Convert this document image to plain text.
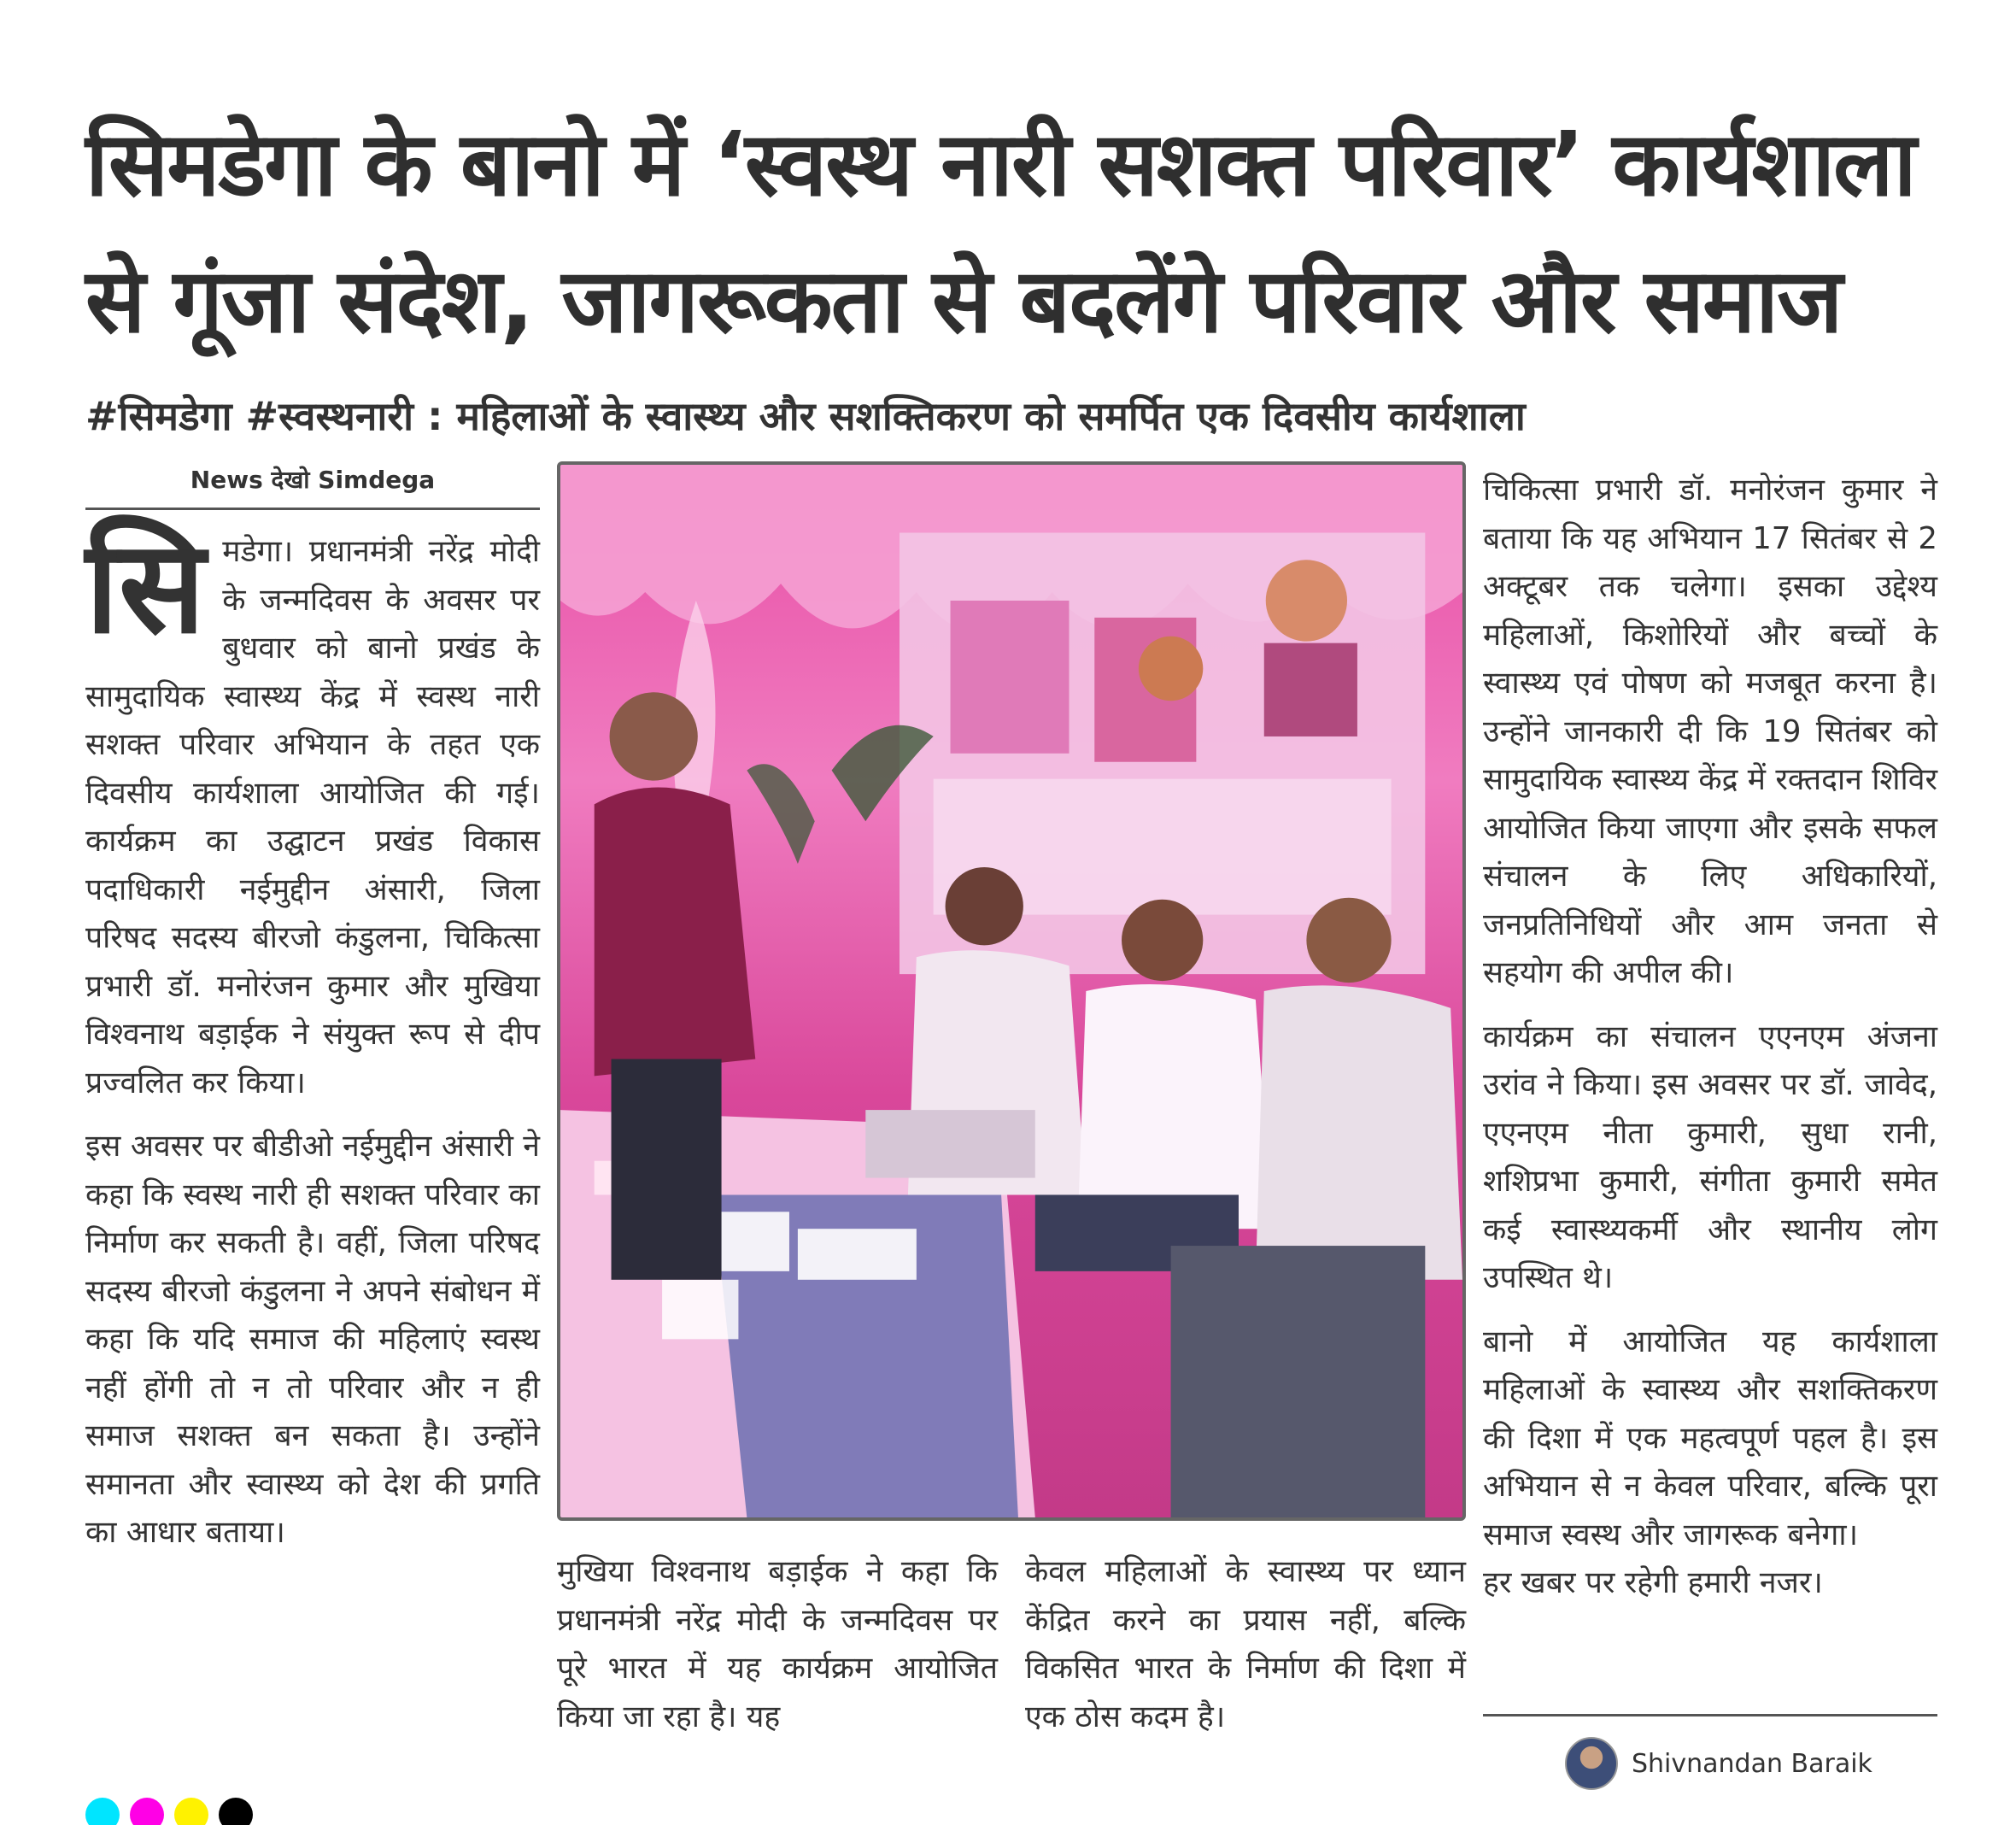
सिमडेगा के बानो में ‘स्वस्थ नारी सशक्त परिवार’ कार्यशाला
से गूंजा संदेश, जागरूकता से बदलेंगे परिवार और समाज
#सिमडेगा #स्वस्थनारी : महिलाओं के स्वास्थ्य और सशक्तिकरण को समर्पित एक दिवसीय कार्यशाला
News देखो Simdega

सि मडेगा। प्रधानमंत्री नरेंद्र मोदी के जन्मदिवस के अवसर पर बुधवार को बानो प्रखंड के सामुदायिक स्वास्थ्य केंद्र में स्वस्थ नारी सशक्त परिवार अभियान के तहत एक दिवसीय कार्यशाला आयोजित की गई। कार्यक्रम का उद्घाटन प्रखंड विकास पदाधिकारी नईमुद्दीन अंसारी, जिला परिषद सदस्य बीरजो कंडुलना, चिकित्सा प्रभारी डॉ. मनोरंजन कुमार और मुखिया विश्वनाथ बड़ाईक ने संयुक्त रूप से दीप प्रज्वलित कर किया।

इस अवसर पर बीडीओ नईमुद्दीन अंसारी ने कहा कि स्वस्थ नारी ही सशक्त परिवार का निर्माण कर सकती है। वहीं, जिला परिषद सदस्य बीरजो कंडुलना ने अपने संबोधन में कहा कि यदि समाज की महिलाएं स्वस्थ नहीं होंगी तो न तो परिवार और न ही समाज सशक्त बन सकता है। उन्होंने समानता और स्वास्थ्य को देश की प्रगति का आधार बताया।

मुखिया विश्वनाथ बड़ाईक ने कहा कि प्रधानमंत्री नरेंद्र मोदी के जन्मदिवस पर पूरे भारत में यह कार्यक्रम आयोजित किया जा रहा है। यह
केवल महिलाओं के स्वास्थ्य पर ध्यान केंद्रित करने का प्रयास नहीं, बल्कि विकसित भारत के निर्माण की दिशा में एक ठोस कदम है।

चिकित्सा प्रभारी डॉ. मनोरंजन कुमार ने बताया कि यह अभियान 17 सितंबर से 2 अक्टूबर तक चलेगा। इसका उद्देश्य महिलाओं, किशोरियों और बच्चों के स्वास्थ्य एवं पोषण को मजबूत करना है। उन्होंने जानकारी दी कि 19 सितंबर को सामुदायिक स्वास्थ्य केंद्र में रक्तदान शिविर आयोजित किया जाएगा और इसके सफल संचालन के लिए अधिकारियों, जनप्रतिनिधियों और आम जनता से सहयोग की अपील की।

कार्यक्रम का संचालन एएनएम अंजना उरांव ने किया। इस अवसर पर डॉ. जावेद, एएनएम नीता कुमारी, सुधा रानी, शशिप्रभा कुमारी, संगीता कुमारी समेत कई स्वास्थ्यकर्मी और स्थानीय लोग उपस्थित थे।

बानो में आयोजित यह कार्यशाला महिलाओं के स्वास्थ्य और सशक्तिकरण की दिशा में एक महत्वपूर्ण पहल है। इस अभियान से न केवल परिवार, बल्कि पूरा समाज स्वस्थ और जागरूक बनेगा।

हर खबर पर रहेगी हमारी नजर।

Shivnandan Baraik
